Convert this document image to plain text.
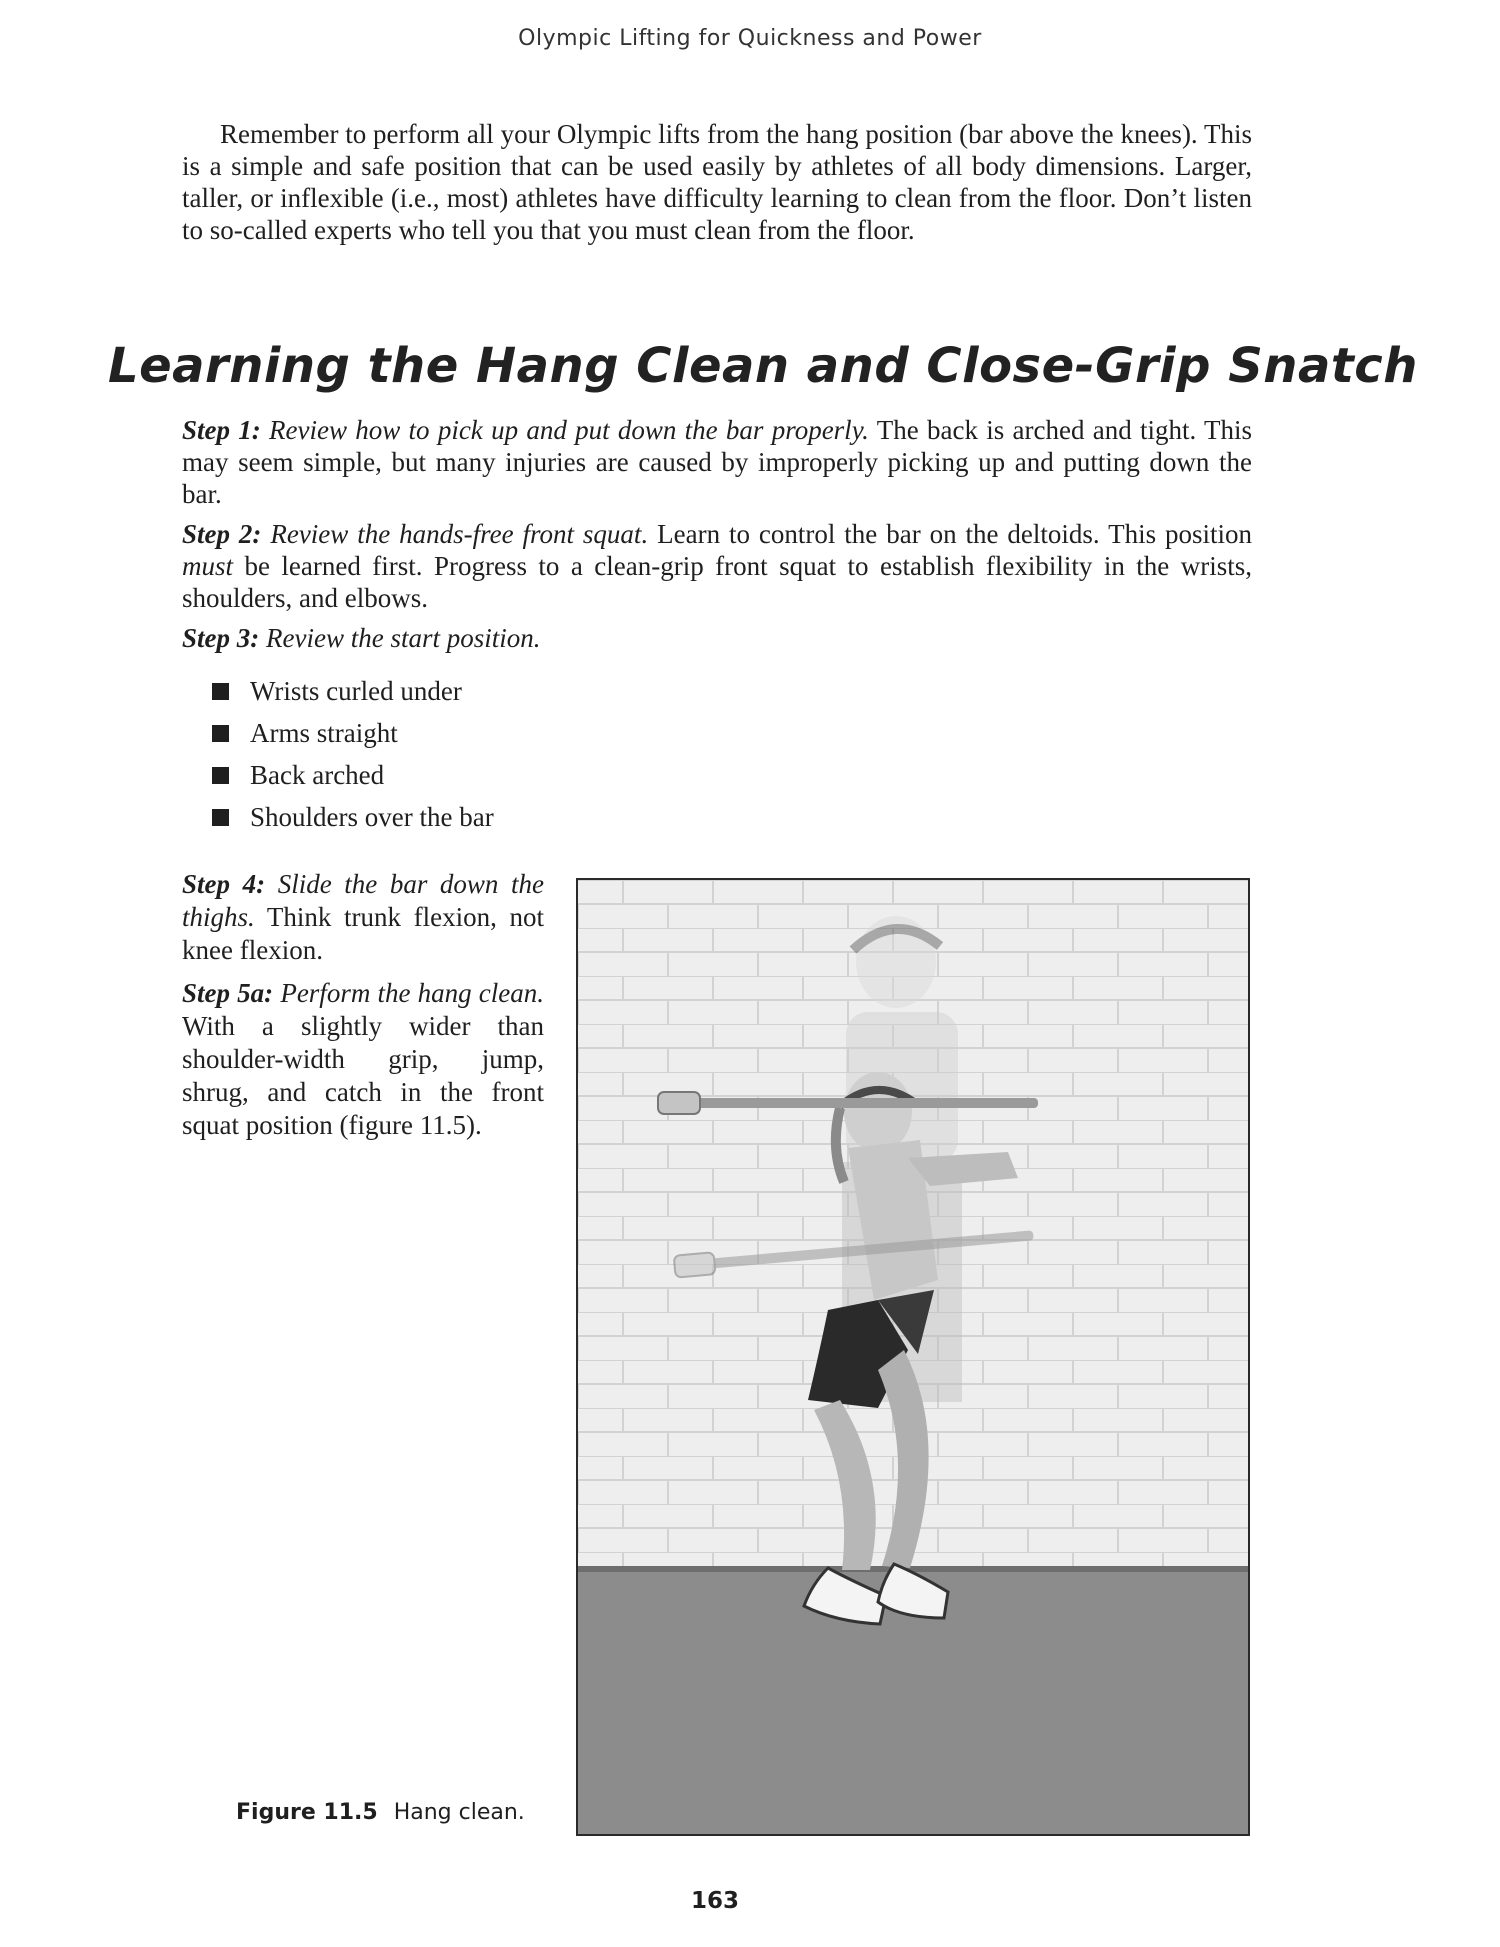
Olympic Lifting for Quickness and Power

Remember to perform all your Olympic lifts from the hang position (bar above the knees). This is a simple and safe position that can be used easily by athletes of all body dimensions. Larger, taller, or inflexible (i.e., most) athletes have difficulty learning to clean from the floor. Don’t listen to so-called experts who tell you that you must clean from the floor.

Learning the Hang Clean and Close-Grip Snatch

Step 1: Review how to pick up and put down the bar properly. The back is arched and tight. This may seem simple, but many injuries are caused by improperly picking up and putting down the bar.

Step 2: Review the hands-free front squat. Learn to control the bar on the deltoids. This position must be learned first. Progress to a clean-grip front squat to establish flexibility in the wrists, shoulders, and elbows.

Step 3: Review the start position.

Wrists curled under
Arms straight
Back arched
Shoulders over the bar

Step 4: Slide the bar down the thighs. Think trunk flexion, not knee flexion.

Step 5a: Perform the hang clean. With a slightly wider than shoulder-width grip, jump, shrug, and catch in the front squat position (figure 11.5).

Figure 11.5 Hang clean.

163
